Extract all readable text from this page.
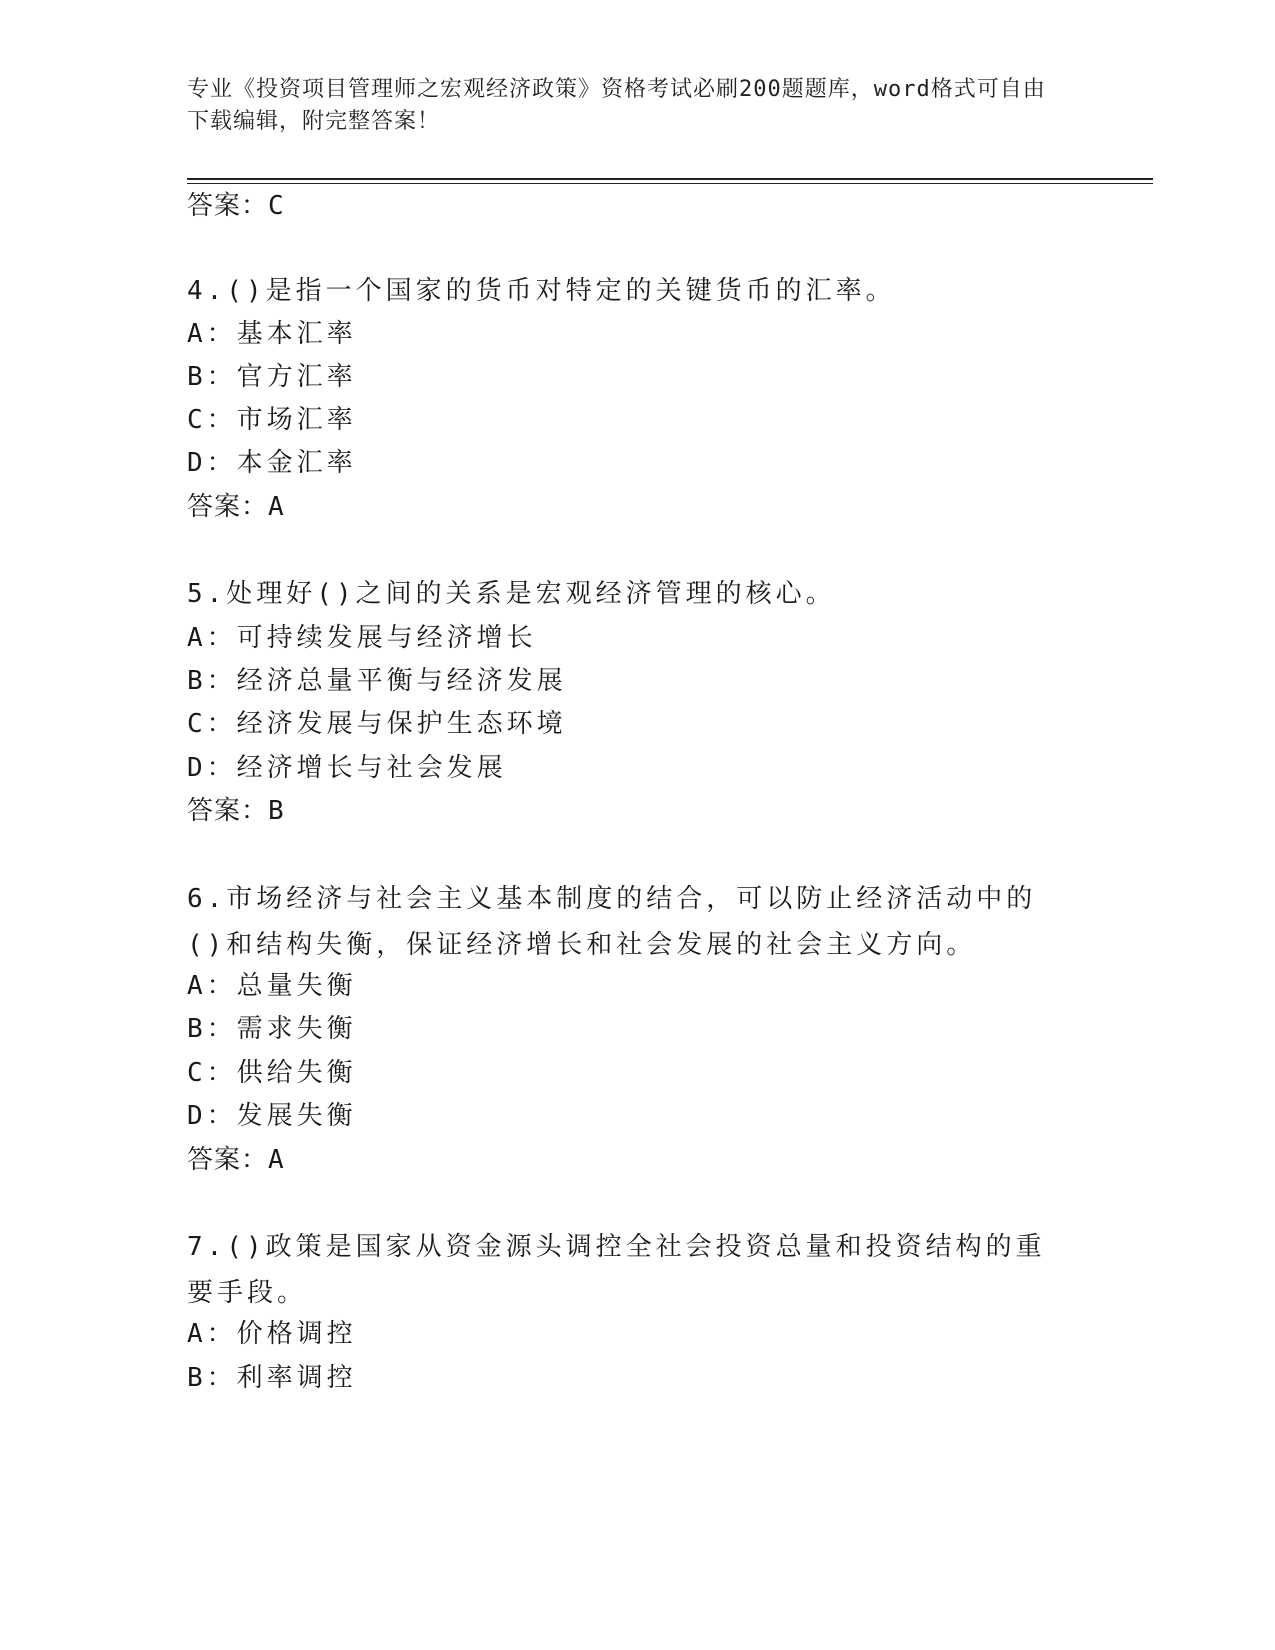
专业《投资项目管理师之宏观经济政策》资格考试必刷200题题库，word格式可自由下载编辑，附完整答案！
答案：C
4.()是指一个国家的货币对特定的关键货币的汇率。
A：基本汇率
B：官方汇率
C：市场汇率
D：本金汇率
答案：A
5.处理好()之间的关系是宏观经济管理的核心。
A：可持续发展与经济增长
B：经济总量平衡与经济发展
C：经济发展与保护生态环境
D：经济增长与社会发展
答案：B
6.市场经济与社会主义基本制度的结合，可以防止经济活动中的()和结构失衡，保证经济增长和社会发展的社会主义方向。
A：总量失衡
B：需求失衡
C：供给失衡
D：发展失衡
答案：A
7.()政策是国家从资金源头调控全社会投资总量和投资结构的重要手段。
A：价格调控
B：利率调控
